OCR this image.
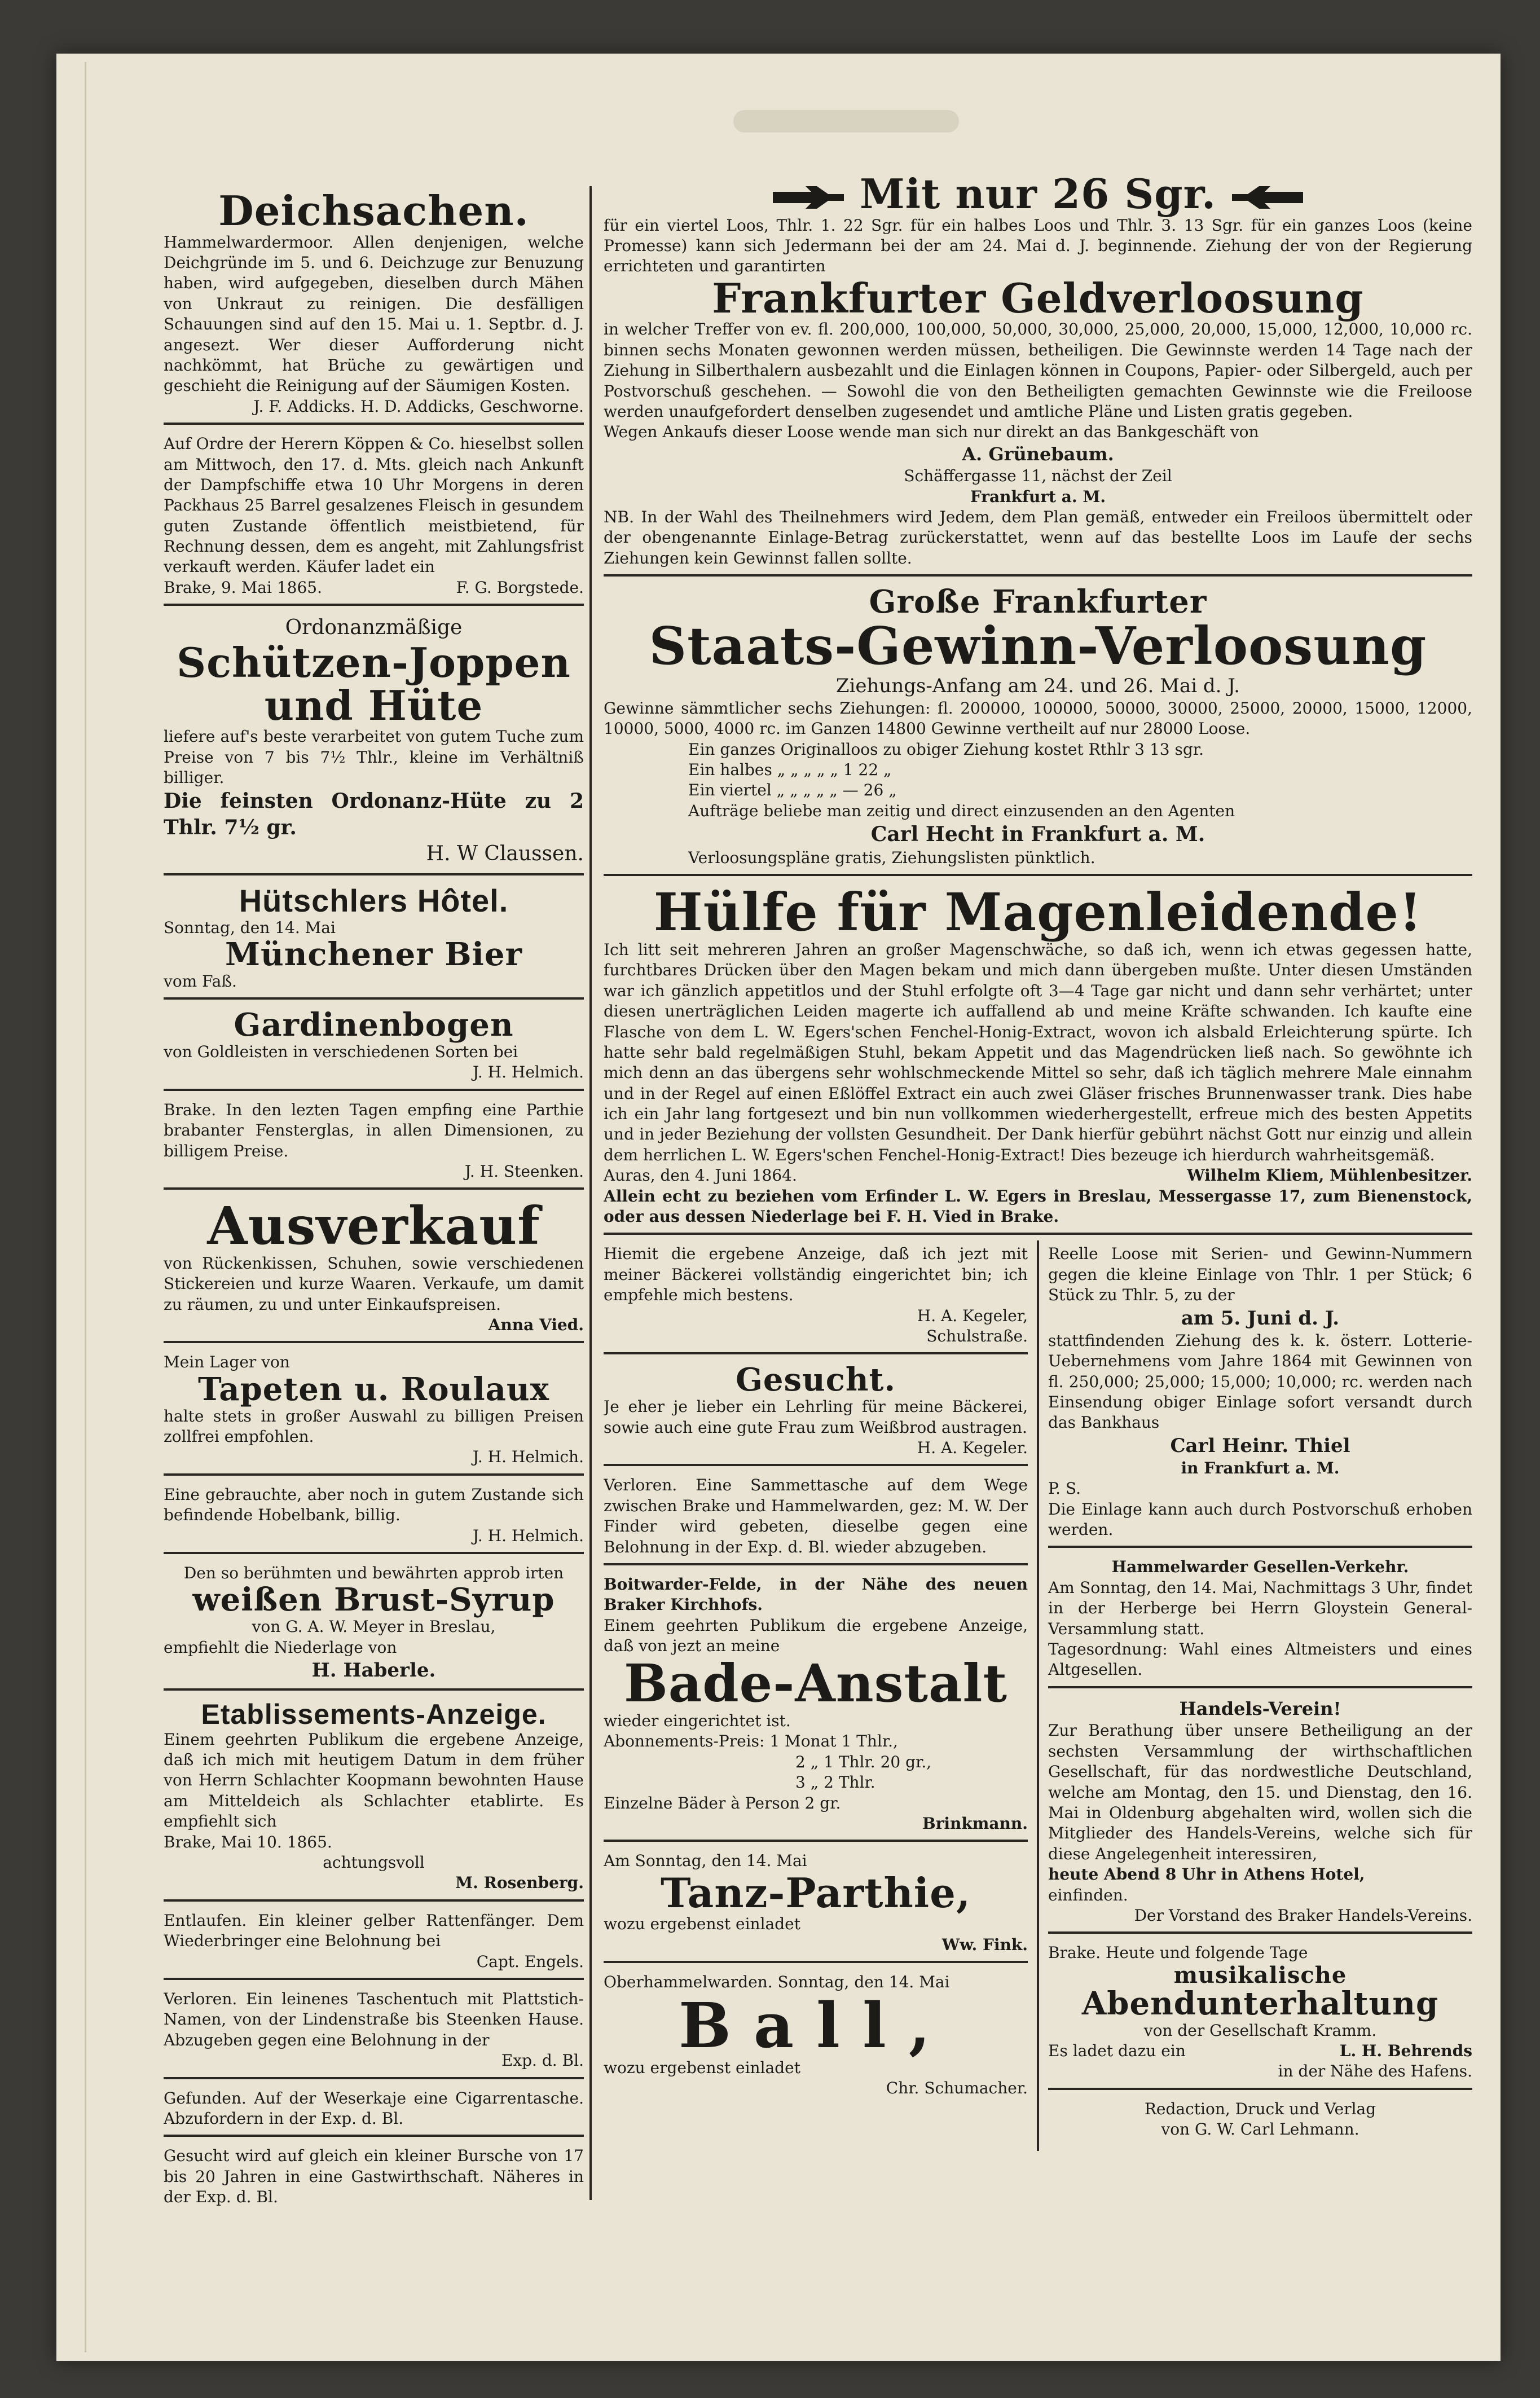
Deichsachen.

Hammelwardermoor. Allen denjenigen, welche Deichgründe im 5. und 6. Deichzuge zur Benuzung haben, wird aufgegeben, dieselben durch Mähen von Unkraut zu reinigen. Die desfälligen Schauungen sind auf den 15. Mai u. 1. Septbr. d. J. angesezt. Wer dieser Aufforderung nicht nachkömmt, hat Brüche zu gewärtigen und geschieht die Reinigung auf der Säumigen Kosten.

J. F. Addicks. H. D. Addicks, Geschworne.

Auf Ordre der Herern Köppen & Co. hieselbst sollen am Mittwoch, den 17. d. Mts. gleich nach Ankunft der Dampfschiffe etwa 10 Uhr Morgens in deren Packhaus 25 Barrel gesalzenes Fleisch in gesundem guten Zustande öffentlich meistbietend, für Rechnung dessen, dem es angeht, mit Zahlungsfrist verkauft werden. Käufer ladet ein

Brake, 9. Mai 1865.	F. G. Borgstede.

Ordonanzmäßige
Schützen-Joppen
und Hüte

liefere auf's beste verarbeitet von gutem Tuche zum Preise von 7 bis 7½ Thlr., kleine im Verhältniß billiger.

Die feinsten Ordonanz-Hüte zu 2 Thlr. 7½ gr.

H. W Claussen.

Hütschlers Hôtel.

Sonntag, den 14. Mai

Münchener Bier

vom Faß.

Gardinenbogen

von Goldleisten in verschiedenen Sorten bei

J. H. Helmich.

Brake. In den lezten Tagen empfing eine Parthie brabanter Fensterglas, in allen Dimensionen, zu billigem Preise.

J. H. Steenken.

Ausverkauf

von Rückenkissen, Schuhen, sowie verschiedenen Stickereien und kurze Waaren. Verkaufe, um damit zu räumen, zu und unter Einkaufspreisen.

Anna Vied.

Mein Lager von

Tapeten u. Roulaux

halte stets in großer Auswahl zu billigen Preisen zollfrei empfohlen.

J. H. Helmich.

Eine gebrauchte, aber noch in gutem Zustande sich befindende Hobelbank, billig.

J. H. Helmich.

Den so berühmten und bewährten approb irten

weißen Brust-Syrup

von G. A. W. Meyer in Breslau,

empfiehlt die Niederlage von

H. Haberle.

Etablissements-Anzeige.

Einem geehrten Publikum die ergebene Anzeige, daß ich mich mit heutigem Datum in dem früher von Herrn Schlachter Koopmann bewohnten Hause am Mitteldeich als Schlachter etablirte. Es empfiehlt sich

Brake, Mai 10. 1865.

achtungsvoll

M. Rosenberg.

Entlaufen. Ein kleiner gelber Rattenfänger. Dem Wiederbringer eine Belohnung bei

Capt. Engels.

Verloren. Ein leinenes Taschentuch mit Plattstich-Namen, von der Lindenstraße bis Steenken Hause. Abzugeben gegen eine Belohnung in der

Exp. d. Bl.

Gefunden. Auf der Weserkaje eine Cigarrentasche. Abzufordern in der Exp. d. Bl.

Gesucht wird auf gleich ein kleiner Bursche von 17 bis 20 Jahren in eine Gastwirthschaft. Näheres in der Exp. d. Bl.

Mit nur 26 Sgr.

für ein viertel Loos, Thlr. 1. 22 Sgr. für ein halbes Loos und Thlr. 3. 13 Sgr. für ein ganzes Loos (keine Promesse) kann sich Jedermann bei der am 24. Mai d. J. beginnende. Ziehung der von der Regierung errichteten und garantirten

Frankfurter Geldverloosung

in welcher Treffer von ev. fl. 200,000, 100,000, 50,000, 30,000, 25,000, 20,000, 15,000, 12,000, 10,000 rc. binnen sechs Monaten gewonnen werden müssen, betheiligen. Die Gewinnste werden 14 Tage nach der Ziehung in Silberthalern ausbezahlt und die Einlagen können in Coupons, Papier- oder Silbergeld, auch per Postvorschuß geschehen. — Sowohl die von den Betheiligten gemachten Gewinnste wie die Freiloose werden unaufgefordert denselben zugesendet und amtliche Pläne und Listen gratis gegeben.

Wegen Ankaufs dieser Loose wende man sich nur direkt an das Bankgeschäft von

A. Grünebaum.

Schäffergasse 11, nächst der Zeil

Frankfurt a. M.

NB. In der Wahl des Theilnehmers wird Jedem, dem Plan gemäß, entweder ein Freiloos übermittelt oder der obengenannte Einlage-Betrag zurückerstattet, wenn auf das bestellte Loos im Laufe der sechs Ziehungen kein Gewinnst fallen sollte.

Große Frankfurter
Staats-Gewinn-Verloosung

Ziehungs-Anfang am 24. und 26. Mai d. J.

Gewinne sämmtlicher sechs Ziehungen: fl. 200000, 100000, 50000, 30000, 25000, 20000, 15000, 12000, 10000, 5000, 4000 rc. im Ganzen 14800 Gewinne vertheilt auf nur 28000 Loose.

Ein ganzes Originalloos zu obiger Ziehung kostet Rthlr 3 13 sgr.

Ein halbes „ „ „ „ „ 1 22 „

Ein viertel „ „ „ „ „ — 26 „

Aufträge beliebe man zeitig und direct einzusenden an den Agenten

Carl Hecht in Frankfurt a. M.

Verloosungspläne gratis, Ziehungslisten pünktlich.

Hülfe für Magenleidende!

Ich litt seit mehreren Jahren an großer Magenschwäche, so daß ich, wenn ich etwas gegessen hatte, furchtbares Drücken über den Magen bekam und mich dann übergeben mußte. Unter diesen Umständen war ich gänzlich appetitlos und der Stuhl erfolgte oft 3—4 Tage gar nicht und dann sehr verhärtet; unter diesen unerträglichen Leiden magerte ich auffallend ab und meine Kräfte schwanden. Ich kaufte eine Flasche von dem L. W. Egers'schen Fenchel-Honig-Extract, wovon ich alsbald Erleichterung spürte. Ich hatte sehr bald regelmäßigen Stuhl, bekam Appetit und das Magendrücken ließ nach. So gewöhnte ich mich denn an das übergens sehr wohlschmeckende Mittel so sehr, daß ich täglich mehrere Male einnahm und in der Regel auf einen Eßlöffel Extract ein auch zwei Gläser frisches Brunnenwasser trank. Dies habe ich ein Jahr lang fortgesezt und bin nun vollkommen wiederhergestellt, erfreue mich des besten Appetits und in jeder Beziehung der vollsten Gesundheit. Der Dank hierfür gebührt nächst Gott nur einzig und allein dem herrlichen L. W. Egers'schen Fenchel-Honig-Extract! Dies bezeuge ich hierdurch wahrheitsgemäß.

Auras, den 4. Juni 1864.	Wilhelm Kliem, Mühlenbesitzer.

Allein echt zu beziehen vom Erfinder L. W. Egers in Breslau, Messergasse 17, zum Bienenstock, oder aus dessen Niederlage bei F. H. Vied in Brake.

Hiemit die ergebene Anzeige, daß ich jezt mit meiner Bäckerei vollständig eingerichtet bin; ich empfehle mich bestens.

H. A. Kegeler,

Schulstraße.

Gesucht.

Je eher je lieber ein Lehrling für meine Bäckerei, sowie auch eine gute Frau zum Weißbrod austragen.

H. A. Kegeler.

Verloren. Eine Sammettasche auf dem Wege zwischen Brake und Hammelwarden, gez: M. W. Der Finder wird gebeten, dieselbe gegen eine Belohnung in der Exp. d. Bl. wieder abzugeben.

Boitwarder-Felde, in der Nähe des neuen Braker Kirchhofs.

Einem geehrten Publikum die ergebene Anzeige, daß von jezt an meine

Bade-Anstalt

wieder eingerichtet ist.

Abonnements-Preis: 1 Monat 1 Thlr.,

2 „ 1 Thlr. 20 gr.,

3 „ 2 Thlr.

Einzelne Bäder à Person 2 gr.

Brinkmann.

Am Sonntag, den 14. Mai

Tanz-Parthie,

wozu ergebenst einladet

Ww. Fink.

Oberhammelwarden. Sonntag, den 14. Mai

Ball,

wozu ergebenst einladet

Chr. Schumacher.

Reelle Loose mit Serien- und Gewinn-Nummern gegen die kleine Einlage von Thlr. 1 per Stück; 6 Stück zu Thlr. 5, zu der

am 5. Juni d. J.

stattfindenden Ziehung des k. k. österr. Lotterie-Uebernehmens vom Jahre 1864 mit Gewinnen von fl. 250,000; 25,000; 15,000; 10,000; rc. werden nach Einsendung obiger Einlage sofort versandt durch das Bankhaus

Carl Heinr. Thiel

in Frankfurt a. M.

P. S.

Die Einlage kann auch durch Postvorschuß erhoben werden.

Hammelwarder Gesellen-Verkehr.

Am Sonntag, den 14. Mai, Nachmittags 3 Uhr, findet in der Herberge bei Herrn Gloystein General-Versammlung statt.

Tagesordnung: Wahl eines Altmeisters und eines Altgesellen.

Handels-Verein!

Zur Berathung über unsere Betheiligung an der sechsten Versammlung der wirthschaftlichen Gesellschaft, für das nordwestliche Deutschland, welche am Montag, den 15. und Dienstag, den 16. Mai in Oldenburg abgehalten wird, wollen sich die Mitglieder des Handels-Vereins, welche sich für diese Angelegenheit interessiren,

heute Abend 8 Uhr in Athens Hotel,

einfinden.

Der Vorstand des Braker Handels-Vereins.

Brake. Heute und folgende Tage

musikalische
Abendunterhaltung

von der Gesellschaft Kramm.

Es ladet dazu ein	L. H. Behrends

in der Nähe des Hafens.

Redaction, Druck und Verlag

von G. W. Carl Lehmann.
